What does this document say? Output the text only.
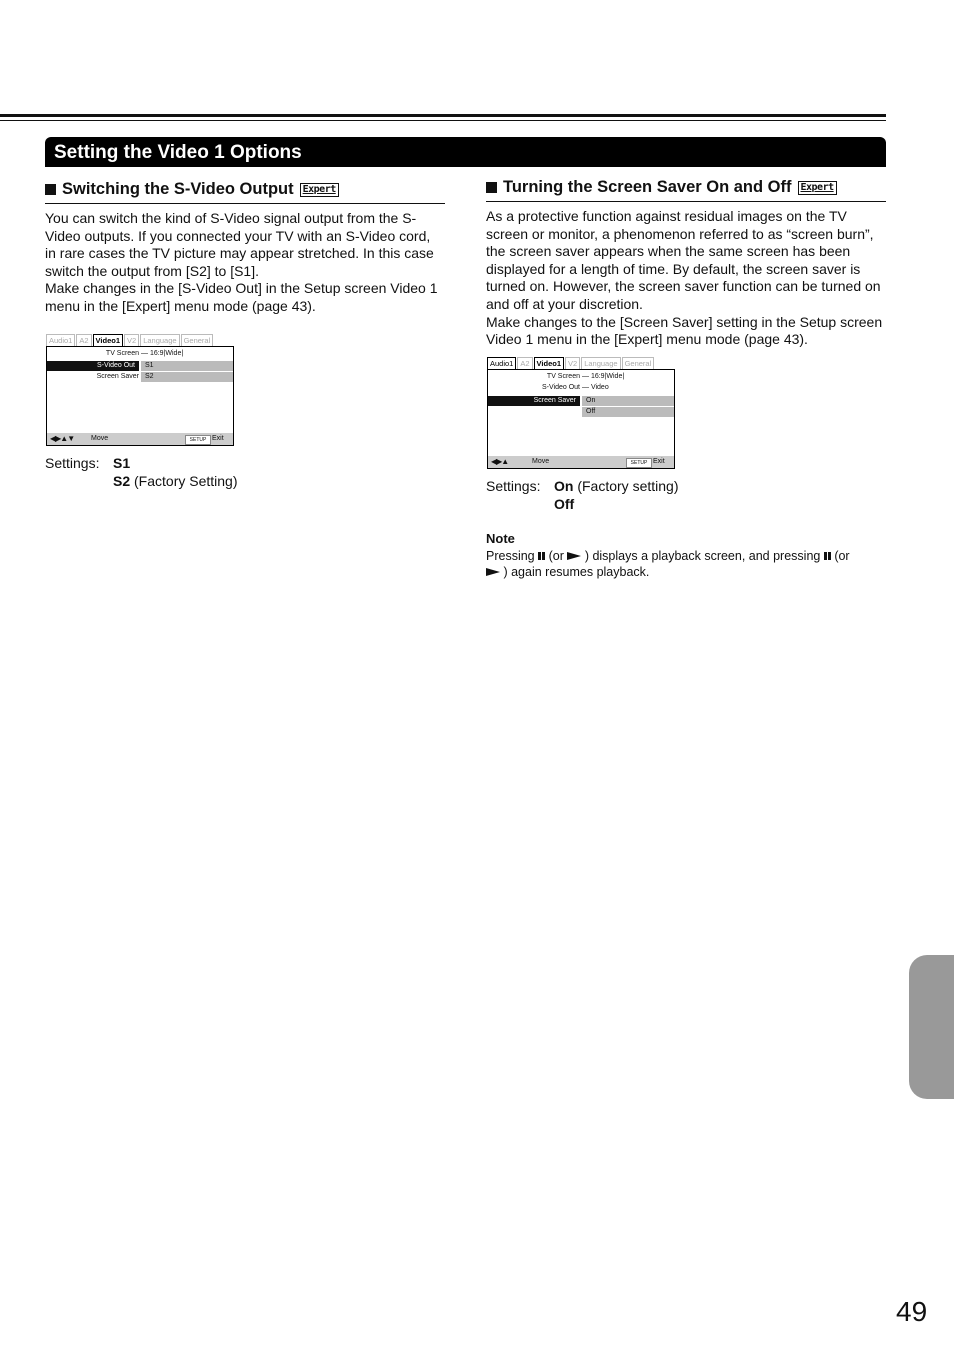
Setting the Video 1 Options
Switching the S-Video Output Expert

You can switch the kind of S-Video signal output from the S-Video outputs. If you connected your TV with an S-Video cord, in rare cases the TV picture may appear stretched. In this case switch the output from [S2] to [S1].

Make changes in the [S-Video Out] in the Setup screen Video 1 menu in the [Expert] menu mode (page 43).

Audio1 A2 Video1 V2 Language General
TV Screen — 16:9|Wide|
S-Video Out	S1
Screen Saver S2
◀▶▲▼ Move	SETUP Exit
Settings: S1
S2 (Factory Setting)
Turning the Screen Saver On and Off Expert

As a protective function against residual images on the TV screen or monitor, a phenomenon referred to as “screen burn”, the screen saver appears when the same screen has been displayed for a length of time. By default, the screen saver is turned on. However, the screen saver function can be turned on and off at your discretion.

Make changes to the [Screen Saver] setting in the Setup screen Video 1 menu in the [Expert] menu mode (page 43).

Audio1 A2 Video1 V2 Language General
TV Screen — 16:9|Wide|
S-Video Out — Video
Screen Saver	On
Off
◀▶▲	Move	SETUP Exit
Settings: On (Factory setting)
Off
Note
Pressing  (or  ) displays a playback screen, and pressing  (or
) again resumes playback.
49
